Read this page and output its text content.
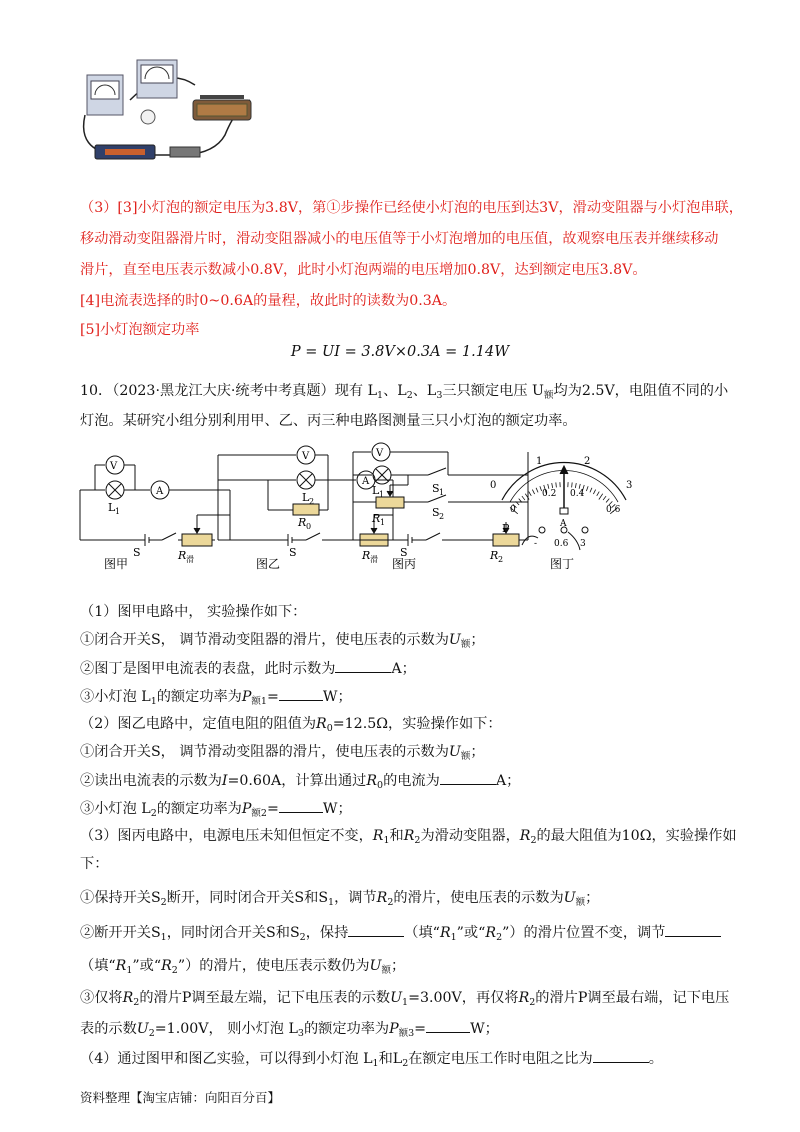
（3）[3]小灯泡的额定电压为3.8V，第①步操作已经使小灯泡的电压到达3V，滑动变阻器与小灯泡串联，
移动滑动变阻器滑片时，滑动变阻器减小的电压值等于小灯泡增加的电压值，故观察电压表并继续移动
滑片，直至电压表示数减小0.8V，此时小灯泡两端的电压增加0.8V，达到额定电压3.8V。
[4]电流表选择的时0~0.6A的量程，故此时的读数为0.3A。
[5]小灯泡额定功率
P = UI = 3.8V×0.3A = 1.14W
10．（2023·黑龙江大庆·统考中考真题）现有 $L_1$、$L_2$、$L_3$三只额定电压 $U_额$均为2.5V，电阻值不同的小
灯泡。某研究小组分别利用甲、乙、丙三种电路图测量三只小灯泡的额定功率。
V
A
L 1
S	R 滑
图甲
V
A
L 2
R 0
S	R 滑
图乙
V
L 1	S 1
R 1
S 2
P
S	R 2
图丙
0
1	2
3
0.2 0.4
0.6
0
A
- 0.6 3
图丁
（1）图甲电路中， 实验操作如下：
①闭合开关S， 调节滑动变阻器的滑片，使电压表的示数为$U_额$；
②图丁是图甲电流表的表盘，此时示数为	A；
③小灯泡 $L_1$的额定功率为$P_{额1}=$	W；
（2）图乙电路中，定值电阻的阻值为$R_0=12.5\Omega$，实验操作如下：
①闭合开关S， 调节滑动变阻器的滑片，使电压表的示数为$U_额$；
②读出电流表的示数为I=0.60A，计算出通过$R_0$的电流为	A；
③小灯泡 $L_2$的额定功率为$P_{额2}=$	W；
（3）图丙电路中，电源电压未知但恒定不变，$R_1$和$R_2$为滑动变阻器，$R_2$的最大阻值为10Ω，实验操作如
下：
①保持开关$S_2$断开，同时闭合开关S和$S_1$，调节$R_2$的滑片，使电压表的示数为$U_额$；
②断开开关$S_1$，同时闭合开关S和$S_2$，保持	（填“$R_1$”或“$R_2$”）的滑片位置不变，调节
（填“$R_1$”或“$R_2$”）的滑片，使电压表示数仍为$U_额$；
③仅将$R_2$的滑片P调至最左端，记下电压表的示数$U_1=3.00V$，再仅将$R_2$的滑片P调至最右端，记下电压
表的示数$U_2=1.00V$， 则小灯泡 $L_3$的额定功率为$P_{额3}=$	W；
（4）通过图甲和图乙实验，可以得到小灯泡 $L_1$和$L_2$在额定电压工作时电阻之比为	。
资料整理【淘宝店铺：向阳百分百】
